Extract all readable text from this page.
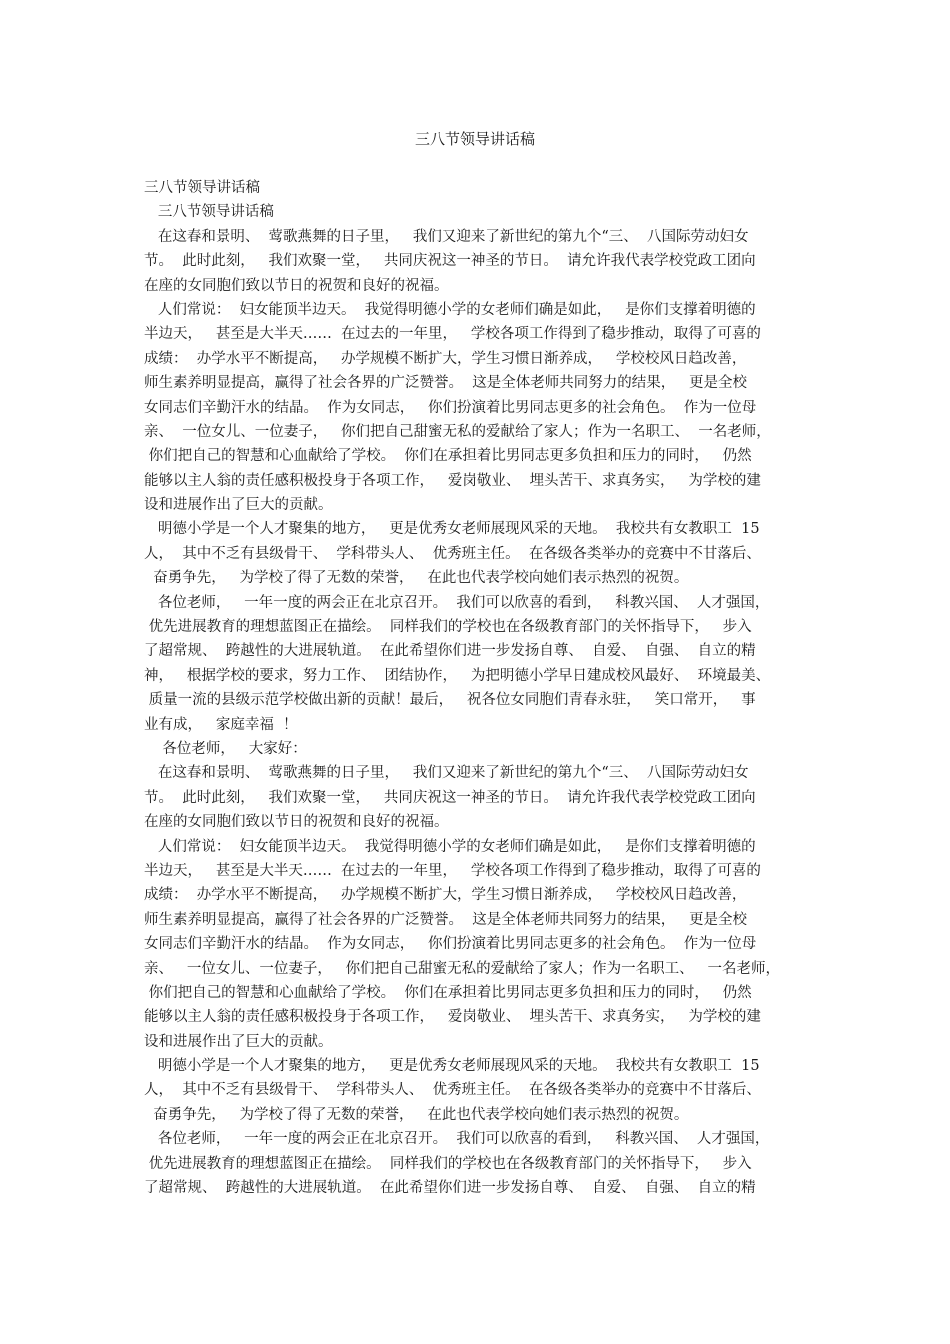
三八节领导讲话稿
三八节领导讲话稿
三八节领导讲话稿
在这春和景明、  莺歌燕舞的日子里，   我们又迎来了新世纪的第九个“三、  八国际劳动妇女
节。  此时此刻，   我们欢聚一堂，   共同庆祝这一神圣的节日。  请允许我代表学校党政工团向
在座的女同胞们致以节日的祝贺和良好的祝福。
人们常说：  妇女能顶半边天。  我觉得明德小学的女老师们确是如此，   是你们支撑着明德的
半边天，   甚至是大半天……  在过去的一年里，   学校各项工作得到了稳步推动，取得了可喜的
成绩：  办学水平不断提高，   办学规模不断扩大，学生习惯日渐养成，   学校校风日趋改善，
师生素养明显提高，赢得了社会各界的广泛赞誉。  这是全体老师共同努力的结果，   更是全校
女同志们辛勤汗水的结晶。  作为女同志，   你们扮演着比男同志更多的社会角色。  作为一位母
亲、  一位女儿、一位妻子，   你们把自己甜蜜无私的爱献给了家人；作为一名职工、  一名老师，
你们把自己的智慧和心血献给了学校。  你们在承担着比男同志更多负担和压力的同时，   仍然
能够以主人翁的责任感积极投身于各项工作，   爱岗敬业、  埋头苦干、求真务实，   为学校的建
设和进展作出了巨大的贡献。
明德小学是一个人才聚集的地方，   更是优秀女老师展现风采的天地。  我校共有女教职工  15
人，  其中不乏有县级骨干、  学科带头人、  优秀班主任。  在各级各类举办的竞赛中不甘落后、
奋勇争先，   为学校了得了无数的荣誉，   在此也代表学校向她们表示热烈的祝贺。
各位老师，   一年一度的两会正在北京召开。  我们可以欣喜的看到，   科教兴国、  人才强国，
优先进展教育的理想蓝图正在描绘。  同样我们的学校也在各级教育部门的关怀指导下，   步入
了超常规、  跨越性的大进展轨道。  在此希望你们进一步发扬自尊、  自爱、  自强、  自立的精
神，   根据学校的要求，努力工作、  团结协作，   为把明德小学早日建成校风最好、  环境最美、
质量一流的县级示范学校做出新的贡献！最后，   祝各位女同胞们青春永驻，   笑口常开，   事
业有成，   家庭幸福  ！
各位老师，   大家好：
在这春和景明、  莺歌燕舞的日子里，   我们又迎来了新世纪的第九个“三、  八国际劳动妇女
节。  此时此刻，   我们欢聚一堂，   共同庆祝这一神圣的节日。  请允许我代表学校党政工团向
在座的女同胞们致以节日的祝贺和良好的祝福。
人们常说：  妇女能顶半边天。  我觉得明德小学的女老师们确是如此，   是你们支撑着明德的
半边天，   甚至是大半天……  在过去的一年里，   学校各项工作得到了稳步推动，取得了可喜的
成绩：  办学水平不断提高，   办学规模不断扩大，学生习惯日渐养成，   学校校风日趋改善，
师生素养明显提高，赢得了社会各界的广泛赞誉。  这是全体老师共同努力的结果，   更是全校
女同志们辛勤汗水的结晶。  作为女同志，   你们扮演着比男同志更多的社会角色。  作为一位母
亲、   一位女儿、一位妻子，   你们把自己甜蜜无私的爱献给了家人；作为一名职工、   一名老师，
你们把自己的智慧和心血献给了学校。  你们在承担着比男同志更多负担和压力的同时，   仍然
能够以主人翁的责任感积极投身于各项工作，   爱岗敬业、  埋头苦干、求真务实，   为学校的建
设和进展作出了巨大的贡献。
明德小学是一个人才聚集的地方，   更是优秀女老师展现风采的天地。  我校共有女教职工  15
人，  其中不乏有县级骨干、  学科带头人、  优秀班主任。  在各级各类举办的竞赛中不甘落后、
奋勇争先，   为学校了得了无数的荣誉，   在此也代表学校向她们表示热烈的祝贺。
各位老师，   一年一度的两会正在北京召开。  我们可以欣喜的看到，   科教兴国、  人才强国，
优先进展教育的理想蓝图正在描绘。  同样我们的学校也在各级教育部门的关怀指导下，   步入
了超常规、  跨越性的大进展轨道。  在此希望你们进一步发扬自尊、  自爱、  自强、  自立的精
